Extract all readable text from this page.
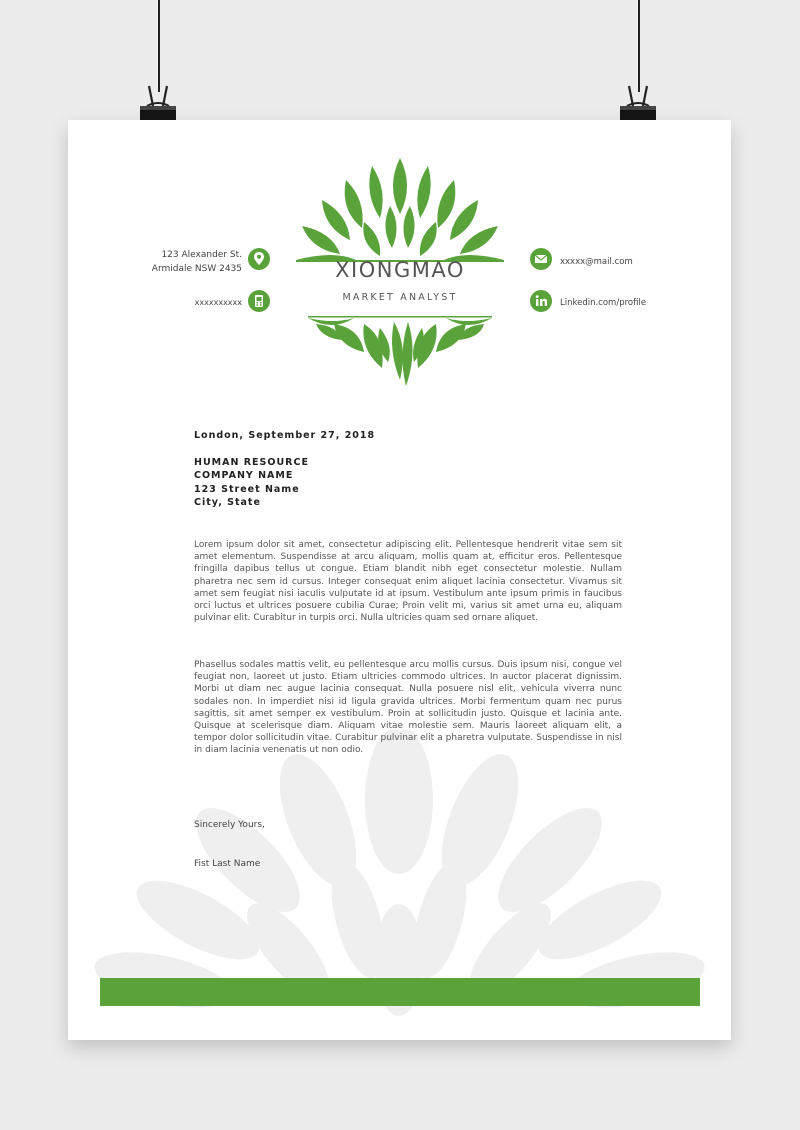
XIONGMAO
MARKET ANALYST
123 Alexander St.
Armidale NSW 2435
xxxxxxxxxx
xxxxx@mail.com
Linkedin.com/profile
London, September 27, 2018
HUMAN RESOURCE
COMPANY NAME
123 Street Name
City, State
Lorem ipsum dolor sit amet, consectetur adipiscing elit. Pellentesque hendrerit vitae sem sit amet elementum. Suspendisse at arcu aliquam, mollis quam at, efficitur eros. Pellentesque fringilla dapibus tellus ut congue. Etiam blandit nibh eget consectetur molestie. Nullam pharetra nec sem id cursus. Integer consequat enim aliquet lacinia consectetur. Vivamus sit amet sem feugiat nisi iaculis vulputate id at ipsum. Vestibulum ante ipsum primis in faucibus orci luctus et ultrices posuere cubilia Curae; Proin velit mi, varius sit amet urna eu, aliquam pulvinar elit. Curabitur in turpis orci. Nulla ultricies quam sed ornare aliquet.
Phasellus sodales mattis velit, eu pellentesque arcu mollis cursus. Duis ipsum nisi, congue vel feugiat non, laoreet ut justo. Etiam ultricies commodo ultrices. In auctor placerat dignissim. Morbi ut diam nec augue lacinia consequat. Nulla posuere nisl elit, vehicula viverra nunc sodales non. In imperdiet nisi id ligula gravida ultrices. Morbi fermentum quam nec purus sagittis, sit amet semper ex vestibulum. Proin at sollicitudin justo. Quisque et lacinia ante. Quisque at scelerisque diam. Aliquam vitae molestie sem. Mauris laoreet aliquam elit, a tempor dolor sollicitudin vitae. Curabitur pulvinar elit a pharetra vulputate. Suspendisse in nisl in diam lacinia venenatis ut non odio.
Sincerely Yours,
Fist Last Name
